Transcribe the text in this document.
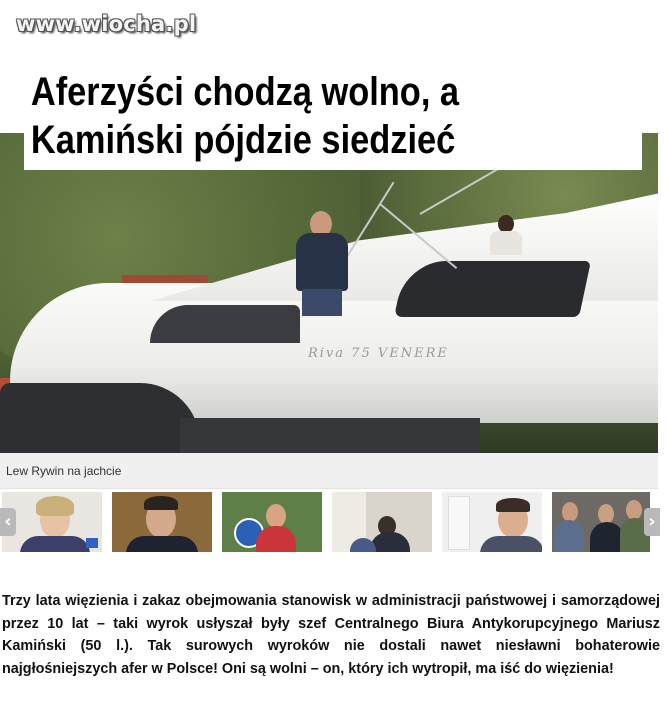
www.wiocha.pl
Riva 75 VENERE
Aferzyści chodzą wolno, a
Kamiński pójdzie siedzieć
Lew Rywin na jachcie
‹	›

Trzy lata więzienia i zakaz obejmowania stanowisk w administracji państwowej i samorządowej przez 10 lat – taki wyrok usłyszał były szef Centralnego Biura Antykorupcyjnego Mariusz Kamiński (50 l.). Tak surowych wyroków nie dostali nawet niesławni bohaterowie najgłośniejszych afer w Polsce! Oni są wolni – on, który ich wytropił, ma iść do więzienia!
